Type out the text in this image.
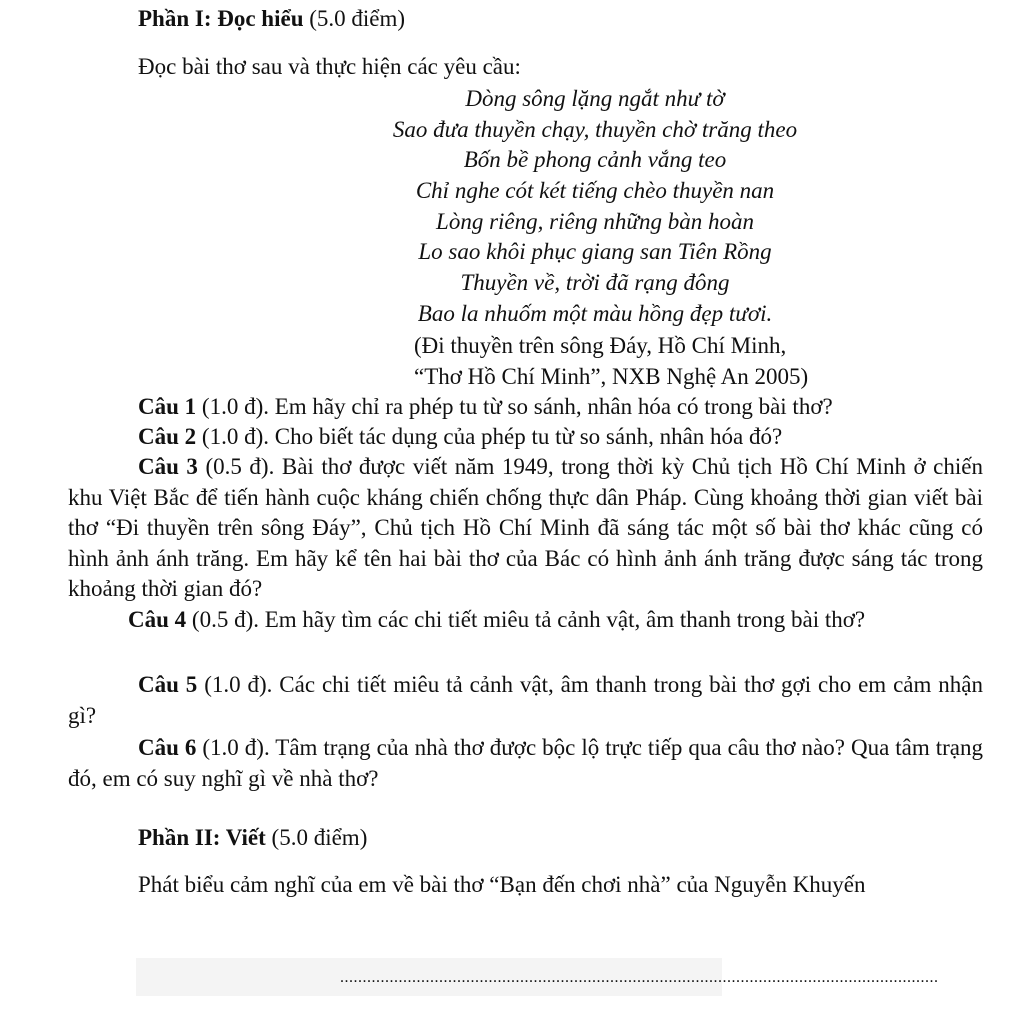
Phần I: Đọc hiểu (5.0 điểm)
Đọc bài thơ sau và thực hiện các yêu cầu:
Dòng sông lặng ngắt như tờ
Sao đưa thuyền chạy, thuyền chờ trăng theo
Bốn bề phong cảnh vắng teo
Chỉ nghe cót két tiếng chèo thuyền nan
Lòng riêng, riêng những bàn hoàn
Lo sao khôi phục giang san Tiên Rồng
Thuyền về, trời đã rạng đông
Bao la nhuốm một màu hồng đẹp tươi.
(Đi thuyền trên sông Đáy, Hồ Chí Minh,
“Thơ Hồ Chí Minh”, NXB Nghệ An 2005)
Câu 1 (1.0 đ). Em hãy chỉ ra phép tu từ so sánh, nhân hóa có trong bài thơ?
Câu 2 (1.0 đ). Cho biết tác dụng của phép tu từ so sánh, nhân hóa đó?
Câu 3 (0.5 đ). Bài thơ được viết năm 1949, trong thời kỳ Chủ tịch Hồ Chí Minh ở chiến khu Việt Bắc để tiến hành cuộc kháng chiến chống thực dân Pháp. Cùng khoảng thời gian viết bài thơ “Đi thuyền trên sông Đáy”, Chủ tịch Hồ Chí Minh đã sáng tác một số bài thơ khác cũng có hình ảnh ánh trăng. Em hãy kể tên hai bài thơ của Bác có hình ảnh ánh trăng được sáng tác trong khoảng thời gian đó?
Câu 4 (0.5 đ). Em hãy tìm các chi tiết miêu tả cảnh vật, âm thanh trong bài thơ?
Câu 5 (1.0 đ). Các chi tiết miêu tả cảnh vật, âm thanh trong bài thơ gợi cho em cảm nhận gì?
Câu 6 (1.0 đ). Tâm trạng của nhà thơ được bộc lộ trực tiếp qua câu thơ nào? Qua tâm trạng đó, em có suy nghĩ gì về nhà thơ?
Phần II: Viết (5.0 điểm)
Phát biểu cảm nghĩ của em về bài thơ “Bạn đến chơi nhà” của Nguyễn Khuyến
.....................................................................................................................................
